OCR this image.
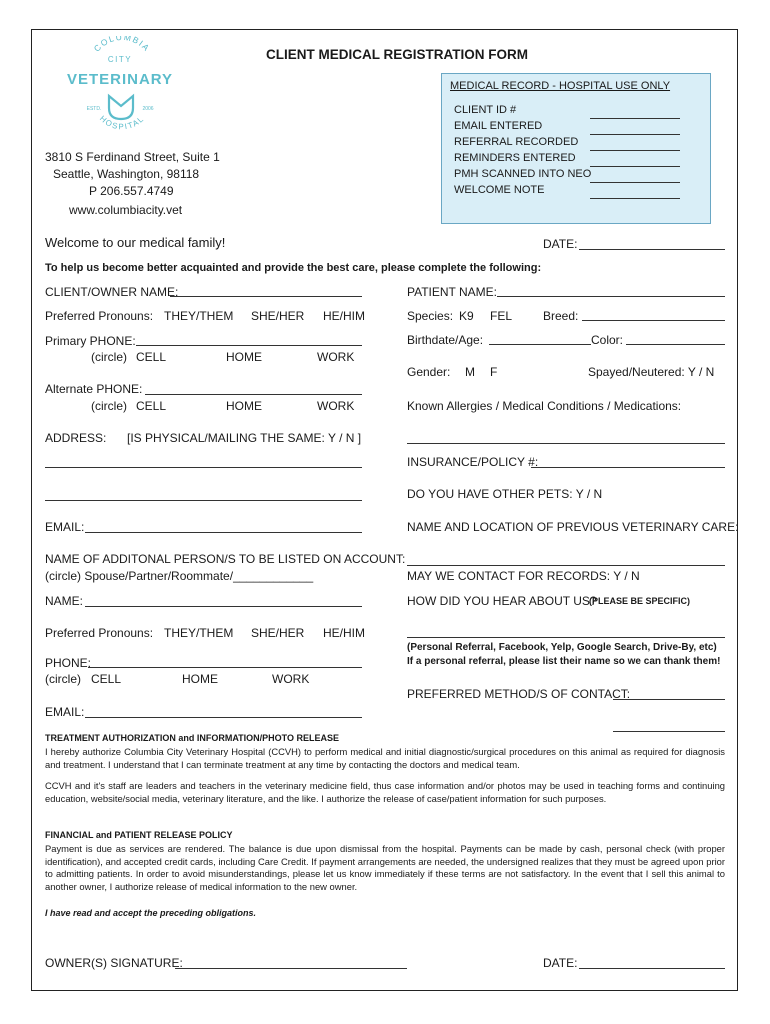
COLUMBIA
CITY
VETERINARY
ESTD.	2006
HOSPITAL
3810 S Ferdinand Street, Suite 1
Seattle, Washington, 98118
P 206.557.4749
www.columbiacity.vet
CLIENT MEDICAL REGISTRATION FORM
MEDICAL RECORD - HOSPITAL USE ONLY
CLIENT ID #
EMAIL ENTERED
REFERRAL RECORDED
REMINDERS ENTERED
PMH SCANNED INTO NEO
WELCOME NOTE
Welcome to our medical family!	DATE:
To help us become better acquainted and provide the best care, please complete the following:
CLIENT/OWNER NAME:
Preferred Pronouns: THEY/THEM SHE/HER HE/HIM
Primary PHONE:
(circle) CELL	HOME	WORK
Alternate PHONE:
(circle) CELL	HOME	WORK
ADDRESS: [IS PHYSICAL/MAILING THE SAME: Y / N ]
EMAIL:
NAME OF ADDITONAL PERSON/S TO BE LISTED ON ACCOUNT:
(circle) Spouse/Partner/Roommate/____________
NAME:
Preferred Pronouns: THEY/THEM SHE/HER HE/HIM
PHONE:
(circle) CELL	HOME	WORK
EMAIL:
PATIENT NAME:
Species: K9 FEL	Breed:
Birthdate/Age:	Color:
Gender: M F	Spayed/Neutered: Y / N
Known Allergies / Medical Conditions / Medications:
INSURANCE/POLICY #:
DO YOU HAVE OTHER PETS: Y / N
NAME AND LOCATION OF PREVIOUS VETERINARY CARE:
MAY WE CONTACT FOR RECORDS: Y / N
HOW DID YOU HEAR ABOUT US?
(PLEASE BE SPECIFIC)
(Personal Referral, Facebook, Yelp, Google Search, Drive-By, etc)
If a personal referral, please list their name so we can thank them!
PREFERRED METHOD/S OF CONTACT:
TREATMENT AUTHORIZATION and INFORMATION/PHOTO RELEASE
I hereby authorize Columbia City Veterinary Hospital (CCVH) to perform medical and initial diagnostic/surgical procedures on this animal as required for diagnosis and treatment. I understand that I can terminate treatment at any time by contacting the doctors and medical team.
CCVH and it's staff are leaders and teachers in the veterinary medicine field, thus case information and/or photos may be used in teaching forms and continuing education, website/social media, veterinary literature, and the like. I authorize the release of case/patient information for such purposes.
FINANCIAL and PATIENT RELEASE POLICY
Payment is due as services are rendered. The balance is due upon dismissal from the hospital. Payments can be made by cash, personal check (with proper identification), and accepted credit cards, including Care Credit. If payment arrangements are needed, the undersigned realizes that they must be agreed upon prior to admitting patients. In order to avoid misunderstandings, please let us know immediately if these terms are not satisfactory. In the event that I sell this animal to another owner, I authorize release of medical information to the new owner.
I have read and accept the preceding obligations.
OWNER(S) SIGNATURE:	DATE:
